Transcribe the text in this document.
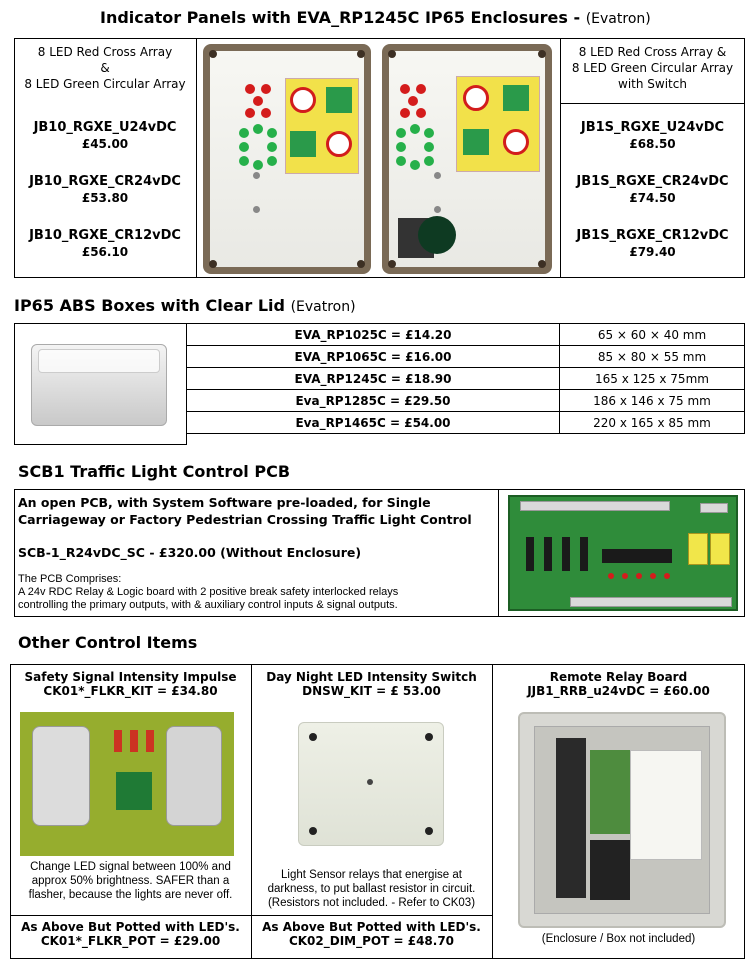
Indicator Panels with EVA_RP1245C IP65 Enclosures - (Evatron)
8 LED Red Cross Array
&
8 LED Green Circular Array
JB10_RGXE_U24vDC
£45.00
JB10_RGXE_CR24vDC
£53.80
JB10_RGXE_CR12vDC
£56.10
8 LED Red Cross Array &
8 LED Green Circular Array
with Switch
JB1S_RGXE_U24vDC
£68.50
JB1S_RGXE_CR24vDC
£74.50
JB1S_RGXE_CR12vDC
£79.40
IP65 ABS Boxes with Clear Lid (Evatron)
EVA_RP1025C = £14.20	65 × 60 × 40 mm
EVA_RP1065C = £16.00	85 × 80 × 55 mm
EVA_RP1245C = £18.90	165 x 125 x 75mm
Eva_RP1285C = £29.50	186 x 146 x 75 mm
Eva_RP1465C = £54.00	220 x 165 x 85 mm
SCB1 Traffic Light Control PCB
An open PCB, with System Software pre-loaded, for Single
Carriageway or Factory Pedestrian Crossing Traffic Light Control
SCB-1_R24vDC_SC - £320.00 (Without Enclosure)
The PCB Comprises:
A 24v RDC Relay & Logic board with 2 positive break safety interlocked relays
controlling the primary outputs, with & auxiliary control inputs & signal outputs.
Other Control Items
Safety Signal Intensity Impulse
CK01*_FLKR_KIT = £34.80
Change LED signal between 100% and
approx 50% brightness. SAFER than a
flasher, because the lights are never off.
As Above But Potted with LED's.
CK01*_FLKR_POT = £29.00
Day Night LED Intensity Switch
DNSW_KIT = £ 53.00
Light Sensor relays that energise at
darkness, to put ballast resistor in circuit.
(Resistors not included. - Refer to CK03)
As Above But Potted with LED's.
CK02_DIM_POT = £48.70
Remote Relay Board
JJB1_RRB_u24vDC = £60.00
(Enclosure / Box not included)
